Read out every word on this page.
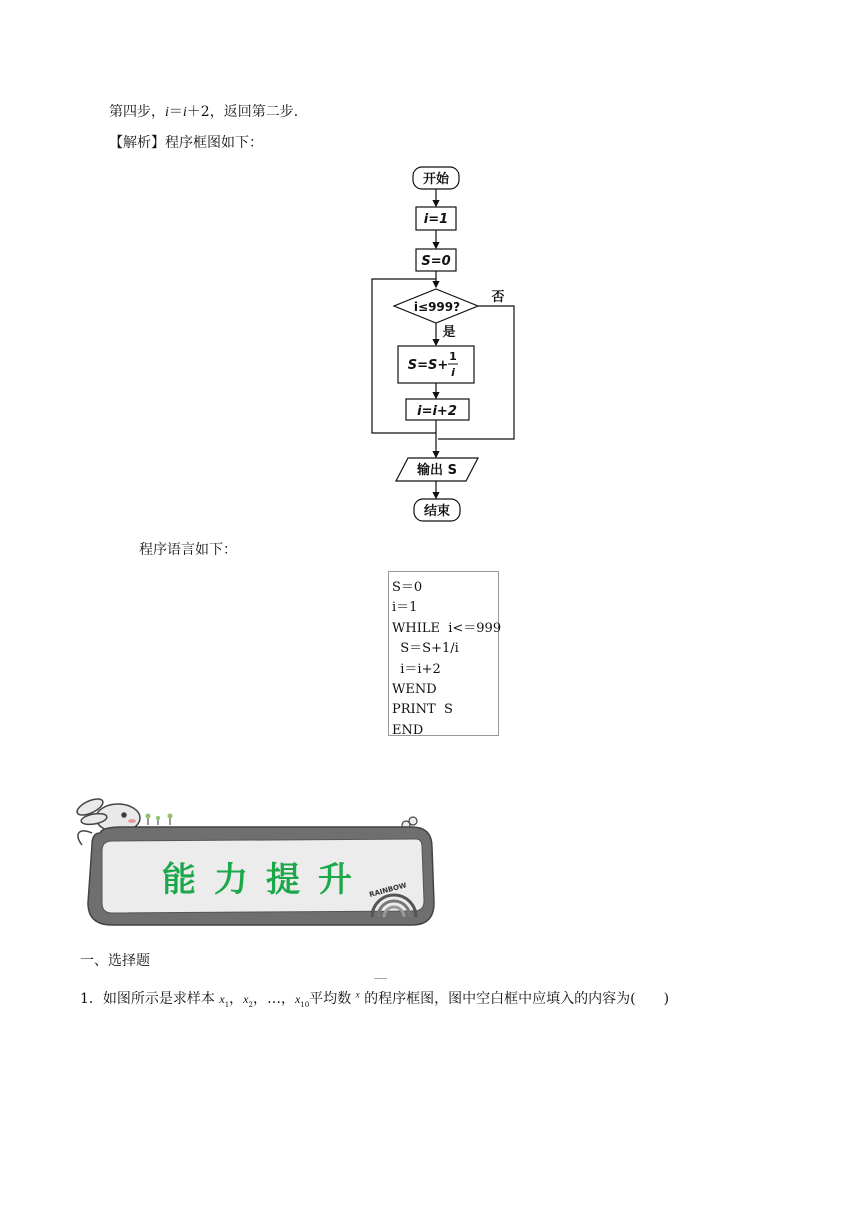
第四步，i＝i＋2，返回第二步．
【解析】程序框图如下：
开始
i=1
S=0
i≤999?
是
否
S=S+
1
i
i=i+2
输出 S
结束
程序语言如下：
S＝0
i＝1
WHILE  i<＝999
S＝S+1/i
i＝i+2
WEND
PRINT  S
END
RAINBOW
能力提升
一、选择题
1．如图所示是求样本 $x_1$，$x_2$，…，$x_{10}$平均数 $^x$ 的程序框图，图中空白框中应填入的内容为(　　)
